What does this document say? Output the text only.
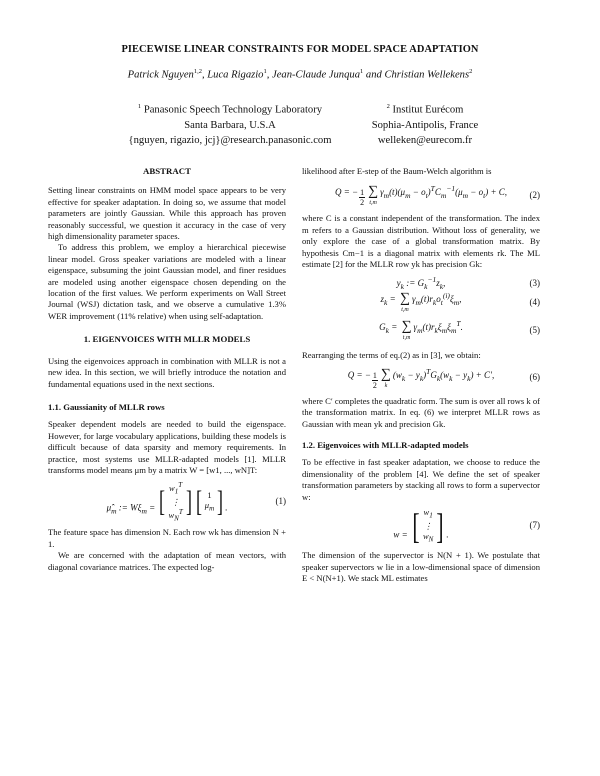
PIECEWISE LINEAR CONSTRAINTS FOR MODEL SPACE ADAPTATION
Patrick Nguyen$^{1,2}$, Luca Rigazio$^1$, Jean-Claude Junqua$^1$ and Christian Wellekens$^2$
$^1$ Panasonic Speech Technology Laboratory
Santa Barbara, U.S.A
{nguyen, rigazio, jcj}@research.panasonic.com
$^2$ Institut Eurécom
Sophia-Antipolis, France
welleken@eurecom.fr

ABSTRACT

Setting linear constraints on HMM model space appears to be very effective for speaker adaptation. In doing so, we assume that model parameters are jointly Gaussian. While this approach has proven reasonably successful, we question it accuracy in the case of very high dimensionality parameter spaces.

To address this problem, we employ a hierarchical piecewise linear model. Gross speaker variations are modeled with a linear eigenspace, subsuming the joint Gaussian model, and finer residues are modeled using another eigenspace chosen depending on the location of the first values. We perform experiments on Wall Street Journal (WSJ) dictation task, and we observe a cumulative 1.3% WER improvement (11% relative) when using self-adaptation.

1. EIGENVOICES WITH MLLR MODELS

Using the eigenvoices approach in combination with MLLR is not a new idea. In this section, we will briefly introduce the notation and fundamental equations used in the next sections.

1.1. Gaussianity of MLLR rows

Speaker dependent models are needed to build the eigenspace. However, for large vocabulary applications, building these models is difficult because of data sparsity and memory requirements. In practice, most systems use MLLR-adapted models [1]. MLLR transforms model means μm by a matrix W = [w1, ..., wN]T:

$\mû_m$ := $W\xi_m$ = [ $w_1^T$
⋮
$w_N^T$ ] [ 1
$\mu_m$ ] .
(1)

The feature space has dimension N. Each row wk has dimension N + 1.

We are concerned with the adaptation of mean vectors, with diagonal covariance matrices. The expected log-

likelihood after E-step of the Baum-Welch algorithm is

Q = − $\frac{1}{2}$ ∑
t,m
$\gamma_m(t)(\mu_m - o_t)^TC_m^{-1}(\mu_m - o_t) + C$, (2)

where C is a constant independent of the transformation. The index m refers to a Gaussian distribution. Without loss of generality, we only explore the case of a global transformation matrix. By hypothesis Cm−1 is a diagonal matrix with elements rk. The ML estimate [2] for the MLLR row yk has precision Gk:

$y_k$ := $G_k^{-1}z_k$,	(3)
$z_k$ = ∑
t,m
$\gamma_m(t)r_ko_t^{(i)}\xi_m$,	(4)
$G_k$ = ∑
t,m
$\gamma_m(t)r_k\xi_m\xi_m^T$.	(5)

Rearranging the terms of eq.(2) as in [3], we obtain:

Q = − $\frac{1}{2}$ ∑
k
$(w_k - y_k)^TG_k(w_k - y_k) + C'$,	(6)

where C′ completes the quadratic form. The sum is over all rows k of the transformation matrix. In eq. (6) we interpret MLLR rows as Gaussian with mean yk and precision Gk.

1.2. Eigenvoices with MLLR-adapted models

To be effective in fast speaker adaptation, we choose to reduce the dimensionality of the problem [4]. We define the set of speaker transformation parameters by stacking all rows to form a supervector w:

w = [ $w_1$
⋮
$w_N$ ] .
(7)

The dimension of the supervector is N(N + 1). We postulate that speaker supervectors w lie in a low-dimensional space of dimension E < N(N+1). We stack ML estimates
